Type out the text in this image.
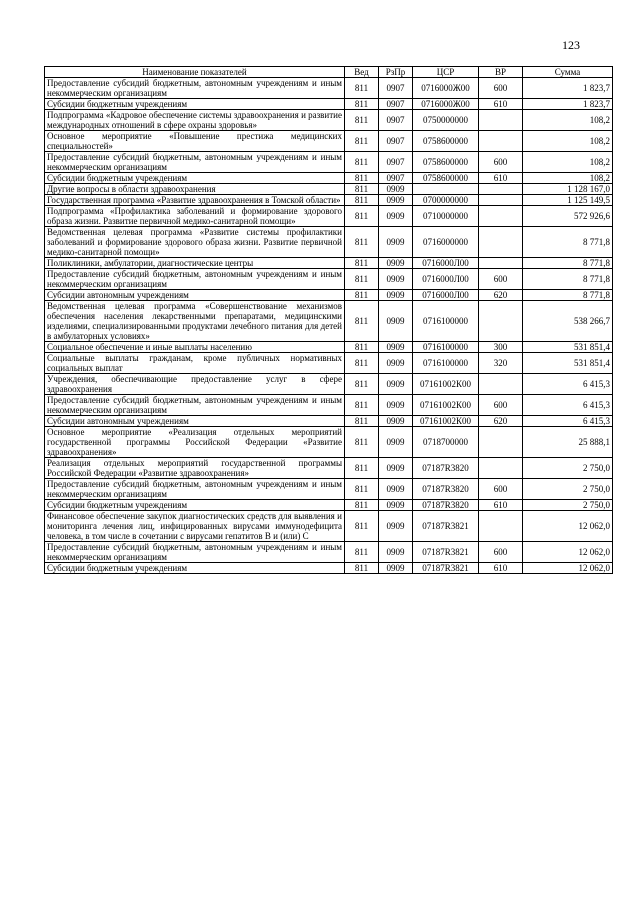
123
Наименование показателей	Вед	РзПр	ЦСР	ВР	Сумма
Предоставление субсидий бюджетным, автономным учреждениям и иным некоммерческим организациям	811	0907	0716000Ж00	600	1 823,7
Субсидии бюджетным учреждениям	811	0907	0716000Ж00	610	1 823,7
Подпрограмма «Кадровое обеспечение системы здравоохранения и развитие международных отношений в сфере охраны здоровья»	811	0907	0750000000		108,2
Основное мероприятие «Повышение престижа медицинских специальностей»	811	0907	0758600000		108,2
Предоставление субсидий бюджетным, автономным учреждениям и иным некоммерческим организациям	811	0907	0758600000	600	108,2
Субсидии бюджетным учреждениям	811	0907	0758600000	610	108,2
Другие вопросы в области здравоохранения	811	0909			1 128 167,0
Государственная программа «Развитие здравоохранения в Томской области»	811	0909	0700000000		1 125 149,5
Подпрограмма «Профилактика заболеваний и формирование здорового образа жизни. Развитие первичной медико-санитарной помощи»	811	0909	0710000000		572 926,6
Ведомственная целевая программа «Развитие системы профилактики заболеваний и формирование здорового образа жизни. Развитие первичной медико-санитарной помощи»	811	0909	0716000000		8 771,8
Поликлиники, амбулатории, диагностические центры	811	0909	0716000Л00		8 771,8
Предоставление субсидий бюджетным, автономным учреждениям и иным некоммерческим организациям	811	0909	0716000Л00	600	8 771,8
Субсидии автономным учреждениям	811	0909	0716000Л00	620	8 771,8
Ведомственная целевая программа «Совершенствование механизмов обеспечения населения лекарственными препаратами, медицинскими изделиями, специализированными продуктами лечебного питания для детей в амбулаторных условиях»	811	0909	0716100000		538 266,7
Социальное обеспечение и иные выплаты населению	811	0909	0716100000	300	531 851,4
Социальные выплаты гражданам, кроме публичных нормативных социальных выплат	811	0909	0716100000	320	531 851,4
Учреждения, обеспечивающие предоставление услуг в сфере здравоохранения	811	0909	07161002К00		6 415,3
Предоставление субсидий бюджетным, автономным учреждениям и иным некоммерческим организациям	811	0909	07161002К00	600	6 415,3
Субсидии автономным учреждениям	811	0909	07161002К00	620	6 415,3
Основное мероприятие «Реализация отдельных мероприятий государственной программы Российской Федерации «Развитие здравоохранения»	811	0909	0718700000		25 888,1
Реализация отдельных мероприятий государственной программы Российской Федерации «Развитие здравоохранения»	811	0909	07187R3820		2 750,0
Предоставление субсидий бюджетным, автономным учреждениям и иным некоммерческим организациям	811	0909	07187R3820	600	2 750,0
Субсидии бюджетным учреждениям	811	0909	07187R3820	610	2 750,0
Финансовое обеспечение закупок диагностических средств для выявления и мониторинга лечения лиц, инфицированных вирусами иммунодефицита человека, в том числе в сочетании с вирусами гепатитов В и (или) С	811	0909	07187R3821		12 062,0
Предоставление субсидий бюджетным, автономным учреждениям и иным некоммерческим организациям	811	0909	07187R3821	600	12 062,0
Субсидии бюджетным учреждениям	811	0909	07187R3821	610	12 062,0
